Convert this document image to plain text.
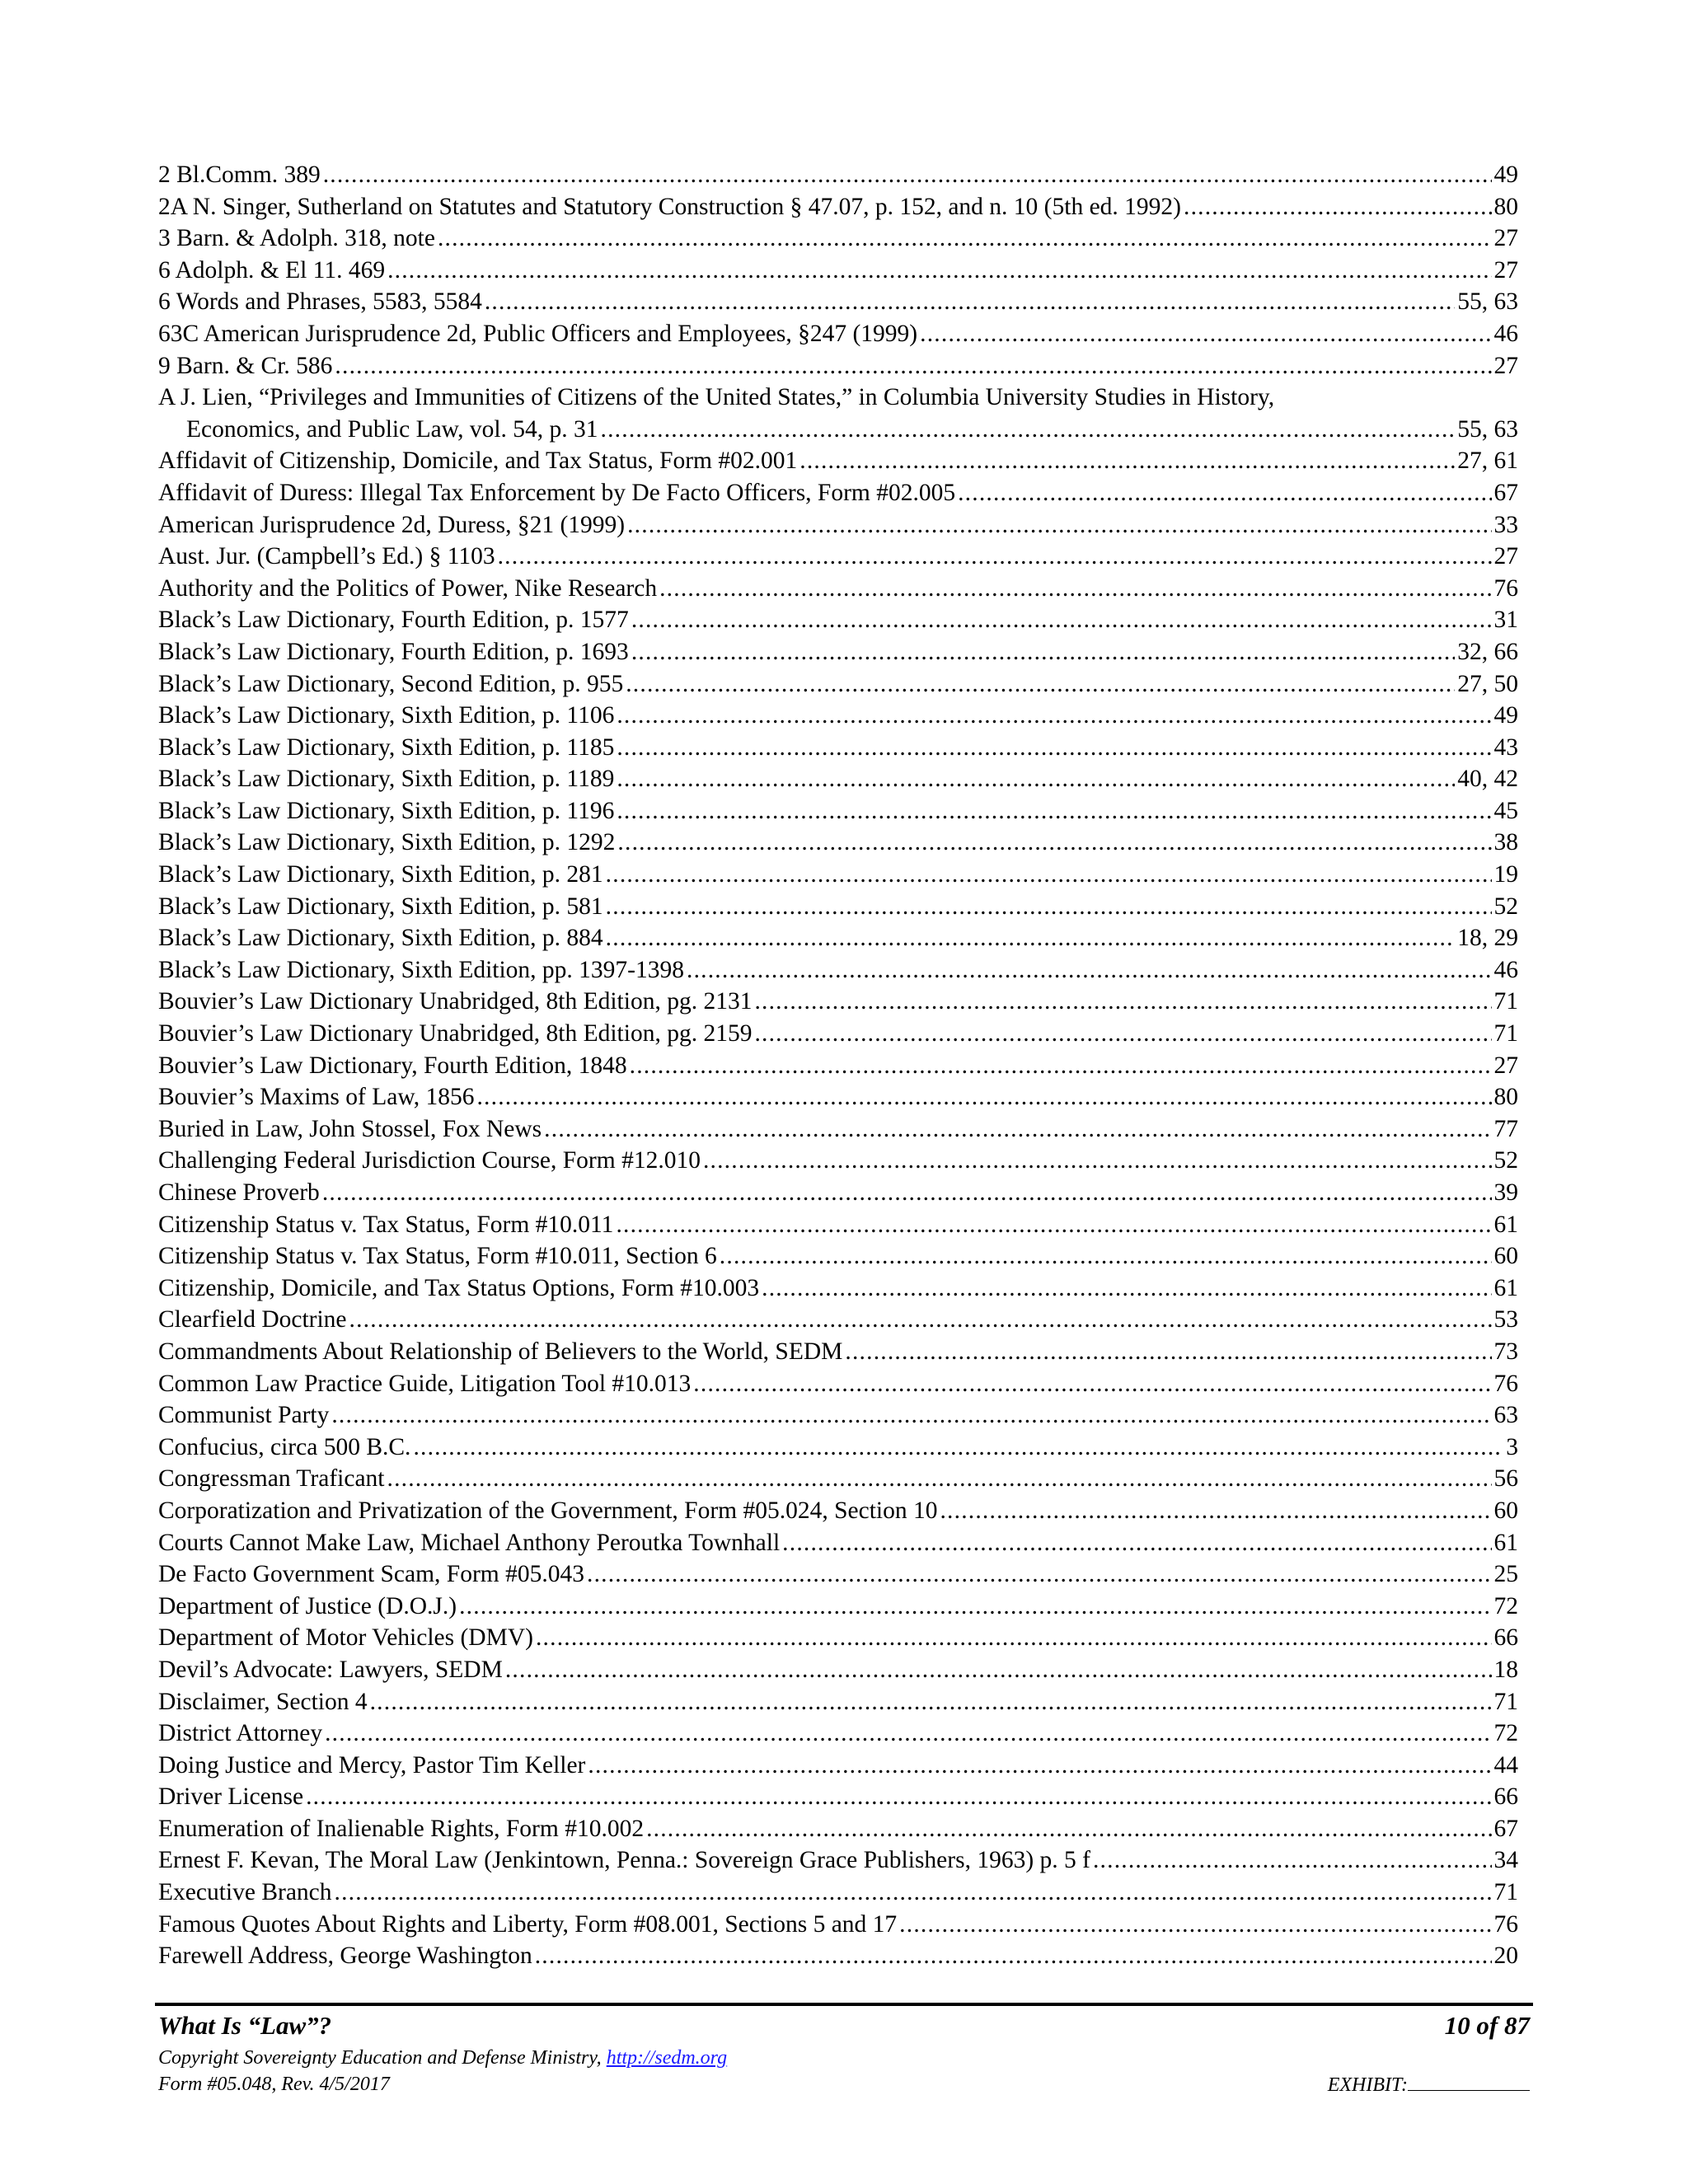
2 Bl.Comm. 389 .....	49
2A N. Singer, Sutherland on Statutes and Statutory Construction § 47.07, p. 152, and n. 10 (5th ed. 1992) .....	80
3 Barn. & Adolph. 318, note .....	27
6 Adolph. & El 11. 469 .....	27
6 Words and Phrases, 5583, 5584 .....	55, 63
63C American Jurisprudence 2d, Public Officers and Employees, §247 (1999) .....	46
9 Barn. & Cr. 586 .....	27
A J. Lien, “Privileges and Immunities of Citizens of the United States,” in Columbia University Studies in History,
Economics, and Public Law, vol. 54, p. 31 .....	55, 63
Affidavit of Citizenship, Domicile, and Tax Status, Form #02.001 .....	27, 61
Affidavit of Duress: Illegal Tax Enforcement by De Facto Officers, Form #02.005 .....	67
American Jurisprudence 2d, Duress, §21 (1999) .....	33
Aust. Jur. (Campbell’s Ed.) § 1103 .....	27
Authority and the Politics of Power, Nike Research .....	76
Black’s Law Dictionary, Fourth Edition, p. 1577 .....	31
Black’s Law Dictionary, Fourth Edition, p. 1693 .....	32, 66
Black’s Law Dictionary, Second Edition, p. 955 .....	27, 50
Black’s Law Dictionary, Sixth Edition, p. 1106 .....	49
Black’s Law Dictionary, Sixth Edition, p. 1185 .....	43
Black’s Law Dictionary, Sixth Edition, p. 1189 .....	40, 42
Black’s Law Dictionary, Sixth Edition, p. 1196 .....	45
Black’s Law Dictionary, Sixth Edition, p. 1292 .....	38
Black’s Law Dictionary, Sixth Edition, p. 281 .....	19
Black’s Law Dictionary, Sixth Edition, p. 581 .....	52
Black’s Law Dictionary, Sixth Edition, p. 884 .....	18, 29
Black’s Law Dictionary, Sixth Edition, pp. 1397-1398 .....	46
Bouvier’s Law Dictionary Unabridged, 8th Edition, pg. 2131 .....	71
Bouvier’s Law Dictionary Unabridged, 8th Edition, pg. 2159 .....	71
Bouvier’s Law Dictionary, Fourth Edition, 1848 .....	27
Bouvier’s Maxims of Law, 1856 .....	80
Buried in Law, John Stossel, Fox News .....	77
Challenging Federal Jurisdiction Course, Form #12.010 .....	52
Chinese Proverb .....	39
Citizenship Status v. Tax Status, Form #10.011 .....	61
Citizenship Status v. Tax Status, Form #10.011, Section 6 .....	60
Citizenship, Domicile, and Tax Status Options, Form #10.003 .....	61
Clearfield Doctrine .....	53
Commandments About Relationship of Believers to the World, SEDM .....	73
Common Law Practice Guide, Litigation Tool #10.013 .....	76
Communist Party .....	63
Confucius, circa 500 B.C. .....	3
Congressman Traficant .....	56
Corporatization and Privatization of the Government, Form #05.024, Section 10 .....	60
Courts Cannot Make Law, Michael Anthony Peroutka Townhall .....	61
De Facto Government Scam, Form #05.043 .....	25
Department of Justice (D.O.J.) .....	72
Department of Motor Vehicles (DMV) .....	66
Devil’s Advocate: Lawyers, SEDM .....	18
Disclaimer, Section 4 .....	71
District Attorney .....	72
Doing Justice and Mercy, Pastor Tim Keller .....	44
Driver License .....	66
Enumeration of Inalienable Rights, Form #10.002 .....	67
Ernest F. Kevan, The Moral Law (Jenkintown, Penna.: Sovereign Grace Publishers, 1963) p. 5 f .....	34
Executive Branch .....	71
Famous Quotes About Rights and Liberty, Form #08.001, Sections 5 and 17 .....	76
Farewell Address, George Washington .....	20
What Is “Law”?	10 of 87
Copyright Sovereignty Education and Defense Ministry, http://sedm.org
Form #05.048, Rev. 4/5/2017	EXHIBIT:
